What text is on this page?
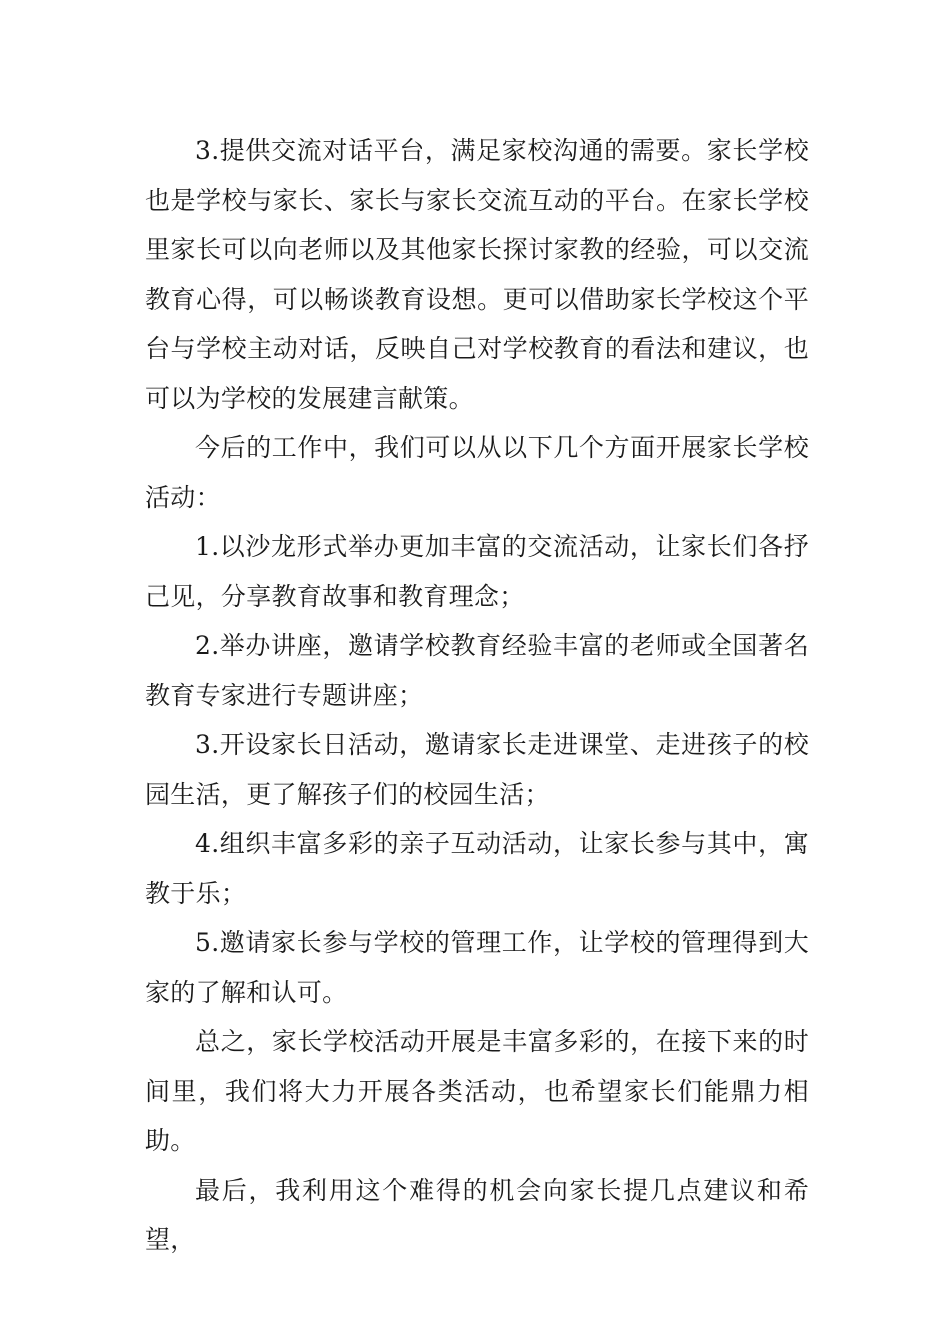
3.提供交流对话平台，满足家校沟通的需要。家长学校也是学校与家长、家长与家长交流互动的平台。在家长学校里家长可以向老师以及其他家长探讨家教的经验，可以交流教育心得，可以畅谈教育设想。更可以借助家长学校这个平台与学校主动对话，反映自己对学校教育的看法和建议，也可以为学校的发展建言献策。

今后的工作中，我们可以从以下几个方面开展家长学校活动：

1.以沙龙形式举办更加丰富的交流活动，让家长们各抒己见，分享教育故事和教育理念；

2.举办讲座，邀请学校教育经验丰富的老师或全国著名教育专家进行专题讲座；

3.开设家长日活动，邀请家长走进课堂、走进孩子的校园生活，更了解孩子们的校园生活；

4.组织丰富多彩的亲子互动活动，让家长参与其中，寓教于乐；

5.邀请家长参与学校的管理工作，让学校的管理得到大家的了解和认可。

总之，家长学校活动开展是丰富多彩的，在接下来的时间里，我们将大力开展各类活动，也希望家长们能鼎力相助。

最后，我利用这个难得的机会向家长提几点建议和希望，
